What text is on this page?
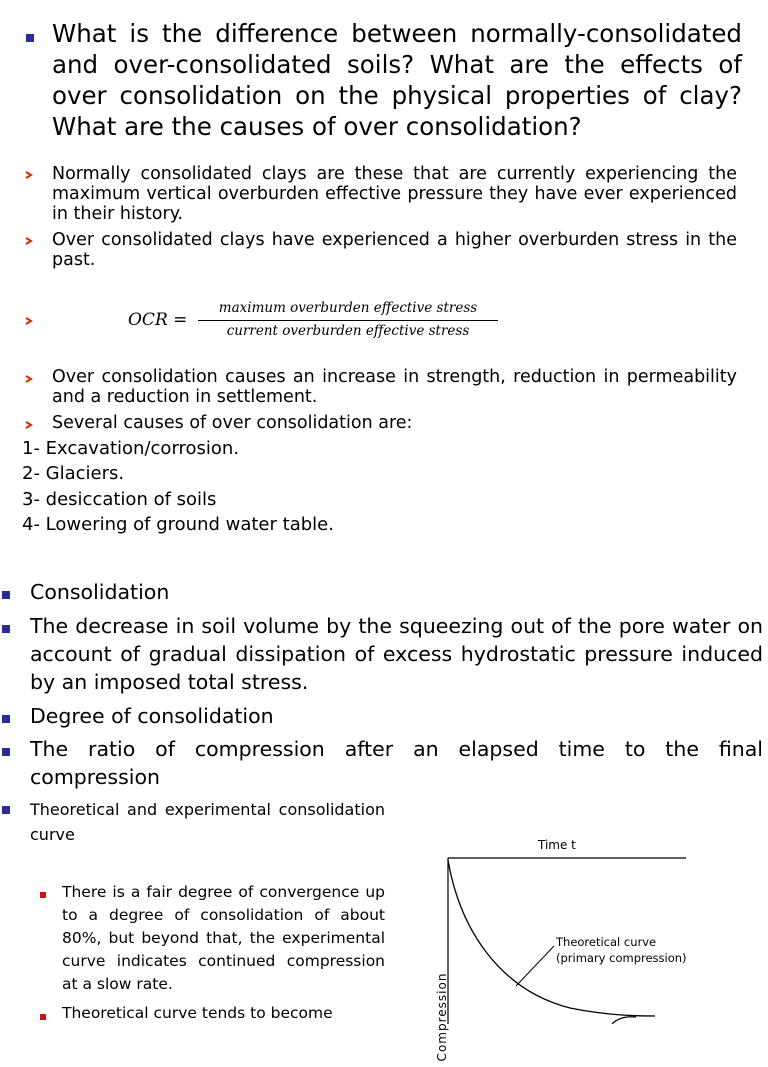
What is the difference between normally-consolidated and over-consolidated soils? What are the effects of over consolidation on the physical properties of clay? What are the causes of over consolidation?
Normally consolidated clays are these that are currently experiencing the maximum vertical overburden effective pressure they have ever experienced in their history.
Over consolidated clays have experienced a higher overburden stress in the past.
OCR =
maximum overburden effective stress
current overburden effective stress
Over consolidation causes an increase in strength, reduction in permeability and a reduction in settlement.
Several causes of over consolidation are:
1- Excavation/corrosion.
2- Glaciers.
3- desiccation of soils
4- Lowering of ground water table.
Consolidation
The decrease in soil volume by the squeezing out of the pore water on account of gradual dissipation of excess hydrostatic pressure induced by an imposed total stress.
Degree of consolidation
The ratio of compression after an elapsed time to the final compression
Theoretical and experimental consolidation curve
There is a fair degree of convergence up to a degree of consolidation of about 80%, but beyond that, the experimental curve indicates continued compression at a slow rate.
Theoretical curve tends to become
Time t
Compression
Theoretical curve
(primary compression)
